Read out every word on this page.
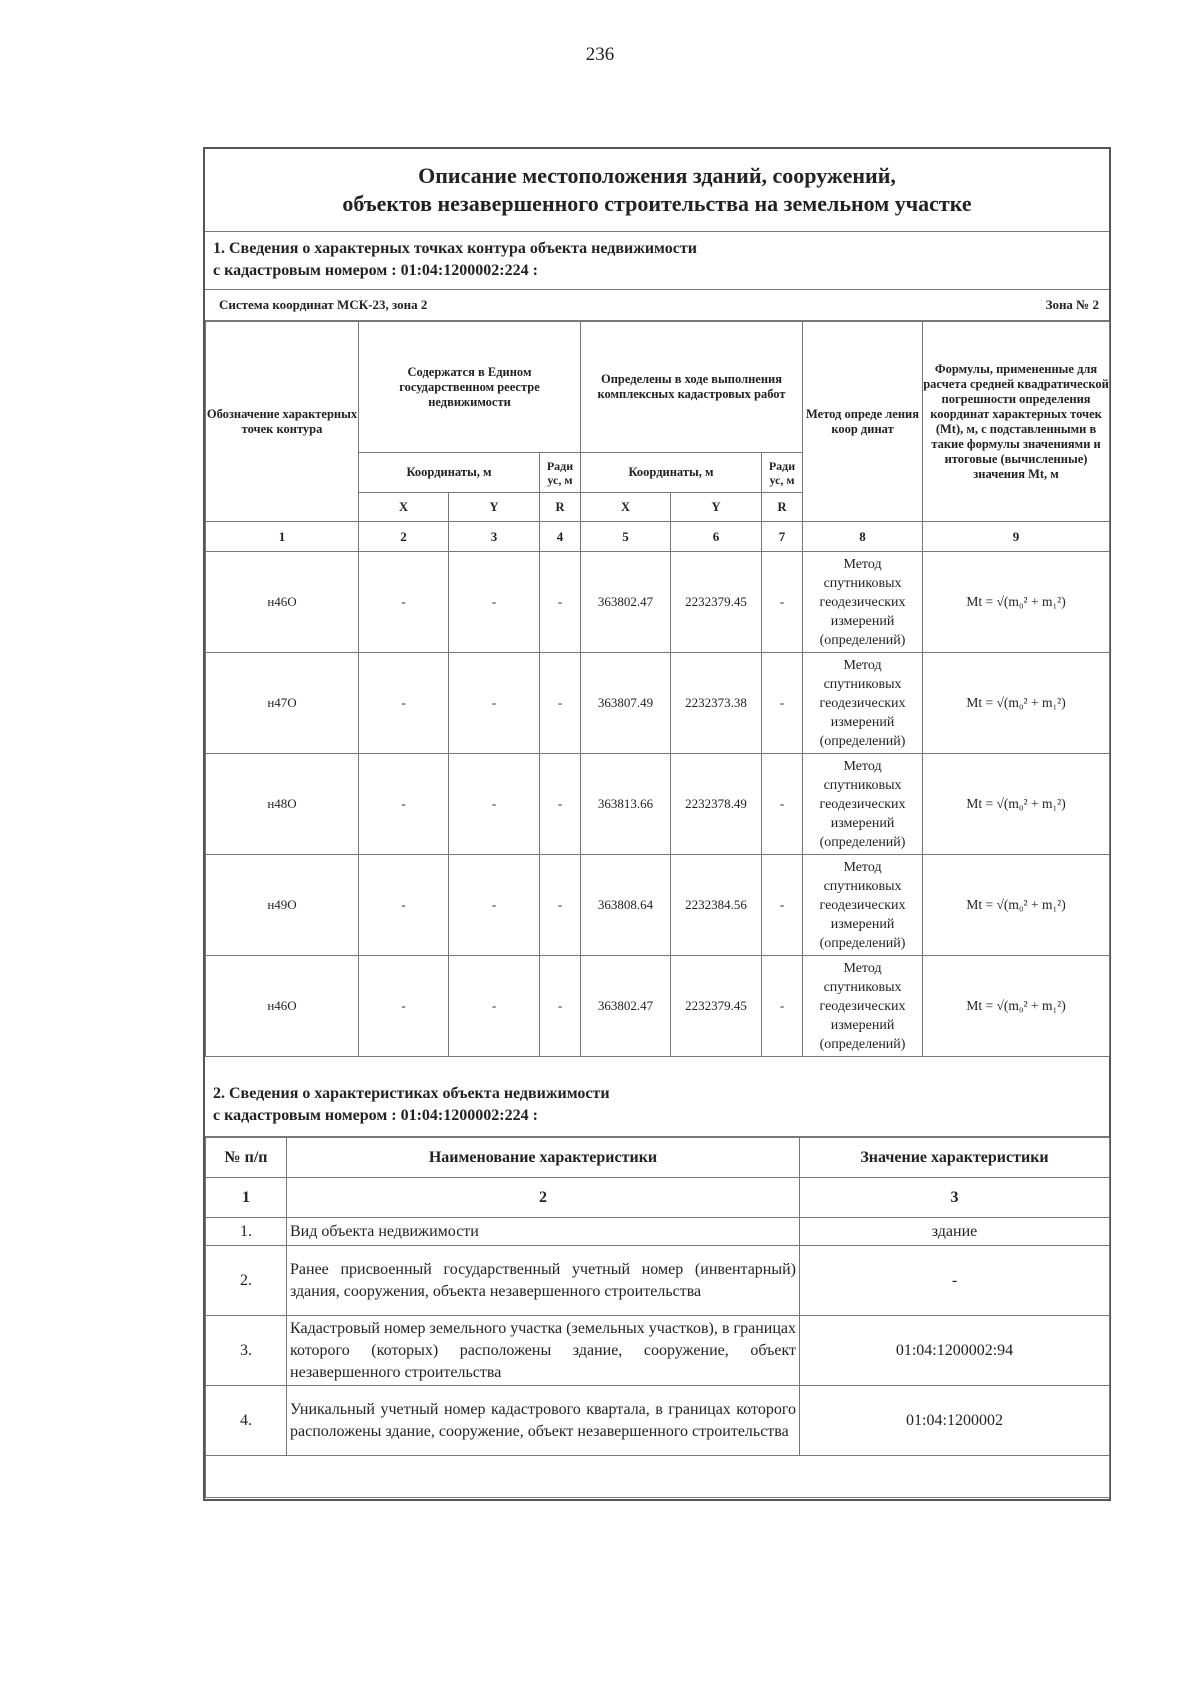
236
Описание местоположения зданий, сооружений,
объектов незавершенного строительства на земельном участке
1. Сведения о характерных точках контура объекта недвижимости
с кадастровым номером : 01:04:1200002:224 :
Система координат МСК-23, зона 2	Зона № 2
Обозначение характерных точек контура	Содержатся в Едином государственном реестре недвижимости			Определены в ходе выполнения комплексных кадастровых работ			Метод опреде ления коор динат	Формулы, примененные для расчета средней квадратической погрешности определения координат характерных точек (Mt), м, с подставленными в такие формулы значениями и итоговые (вычисленные) значения Mt, м
	Координаты, м		Ради ус, м	Координаты, м		Ради ус, м		
	X	Y	R	X	Y	R		
1	2	3	4	5	6	7	8	9
н46О	-	-	-	363802.47	2232379.45	-	Метод спутниковых геодезических измерений (определений)	Mt = √(m₀² + m₁²)
н47О	-	-	-	363807.49	2232373.38	-	Метод спутниковых геодезических измерений (определений)	Mt = √(m₀² + m₁²)
н48О	-	-	-	363813.66	2232378.49	-	Метод спутниковых геодезических измерений (определений)	Mt = √(m₀² + m₁²)
н49О	-	-	-	363808.64	2232384.56	-	Метод спутниковых геодезических измерений (определений)	Mt = √(m₀² + m₁²)
н46О	-	-	-	363802.47	2232379.45	-	Метод спутниковых геодезических измерений (определений)	Mt = √(m₀² + m₁²)
2. Сведения о характеристиках объекта недвижимости
с кадастровым номером : 01:04:1200002:224 :
№ п/п	Наименование характеристики	Значение характеристики
1	2	3
1.	Вид объекта недвижимости	здание
2.	Ранее присвоенный государственный учетный номер (инвентарный) здания, сооружения, объекта незавершенного строительства	-
3.	Кадастровый номер земельного участка (земельных участков), в границах которого (которых) расположены здание, сооружение, объект незавершенного строительства	01:04:1200002:94
4.	Уникальный учетный номер кадастрового квартала, в границах которого расположены здание, сооружение, объект незавершенного строительства	01:04:1200002
